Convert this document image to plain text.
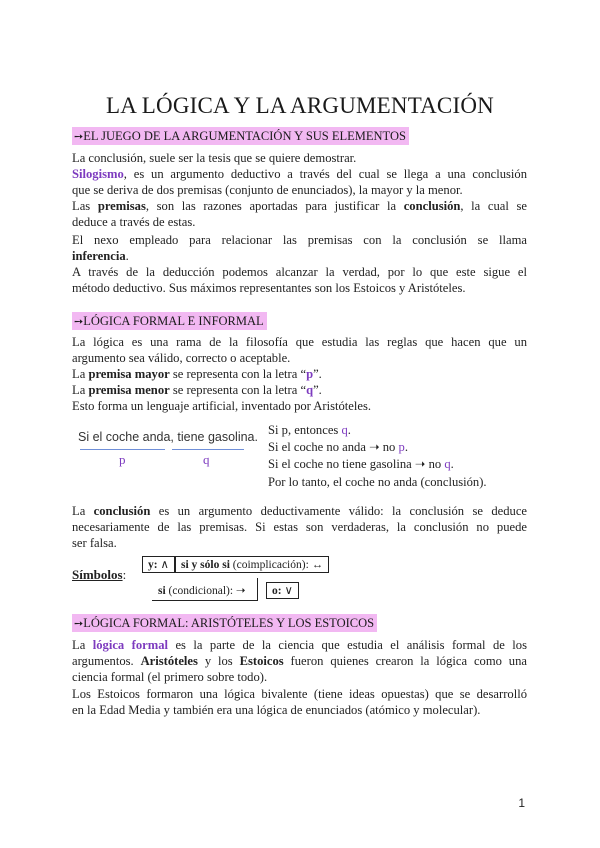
LA LÓGICA Y LA ARGUMENTACIÓN
➙EL JUEGO DE LA ARGUMENTACIÓN Y SUS ELEMENTOS
La conclusión, suele ser la tesis que se quiere demostrar.
Silogismo, es un argumento deductivo a través del cual se llega a una conclusión
que se deriva de dos premisas (conjunto de enunciados), la mayor y la menor.
Las premisas, son las razones aportadas para justificar la conclusión, la cual se
deduce a través de estas.
El nexo empleado para relacionar las premisas con la conclusión se llama
inferencia.
A través de la deducción podemos alcanzar la verdad, por lo que este sigue el
método deductivo. Sus máximos representantes son los Estoicos y Aristóteles.
➙LÓGICA FORMAL E INFORMAL
La lógica es una rama de la filosofía que estudia las reglas que hacen que un
argumento sea válido, correcto o aceptable.
La premisa mayor se representa con la letra “p”.
La premisa menor se representa con la letra “q”.
Esto forma un lenguaje artificial, inventado por Aristóteles.
Si el coche anda, tiene gasolina.
p	q
Si p, entonces q.
Si el coche no anda ➝ no p.
Si el coche no tiene gasolina ➝ no q.
Por lo tanto, el coche no anda (conclusión).
La conclusión es un argumento deductivamente válido: la conclusión se deduce
necesariamente de las premisas. Si estas son verdaderas, la conclusión no puede
ser falsa.
Símbolos:
y: ∧	si y sólo si (coimplicación): ↔
si (condicional): ➝	o: ∨
➙LÓGICA FORMAL: ARISTÓTELES Y LOS ESTOICOS
La lógica formal es la parte de la ciencia que estudia el análisis formal de los
argumentos. Aristóteles y los Estoicos fueron quienes crearon la lógica como una
ciencia formal (el primero sobre todo).
Los Estoicos formaron una lógica bivalente (tiene ideas opuestas) que se desarrolló
en la Edad Media y también era una lógica de enunciados (atómico y molecular).
1
